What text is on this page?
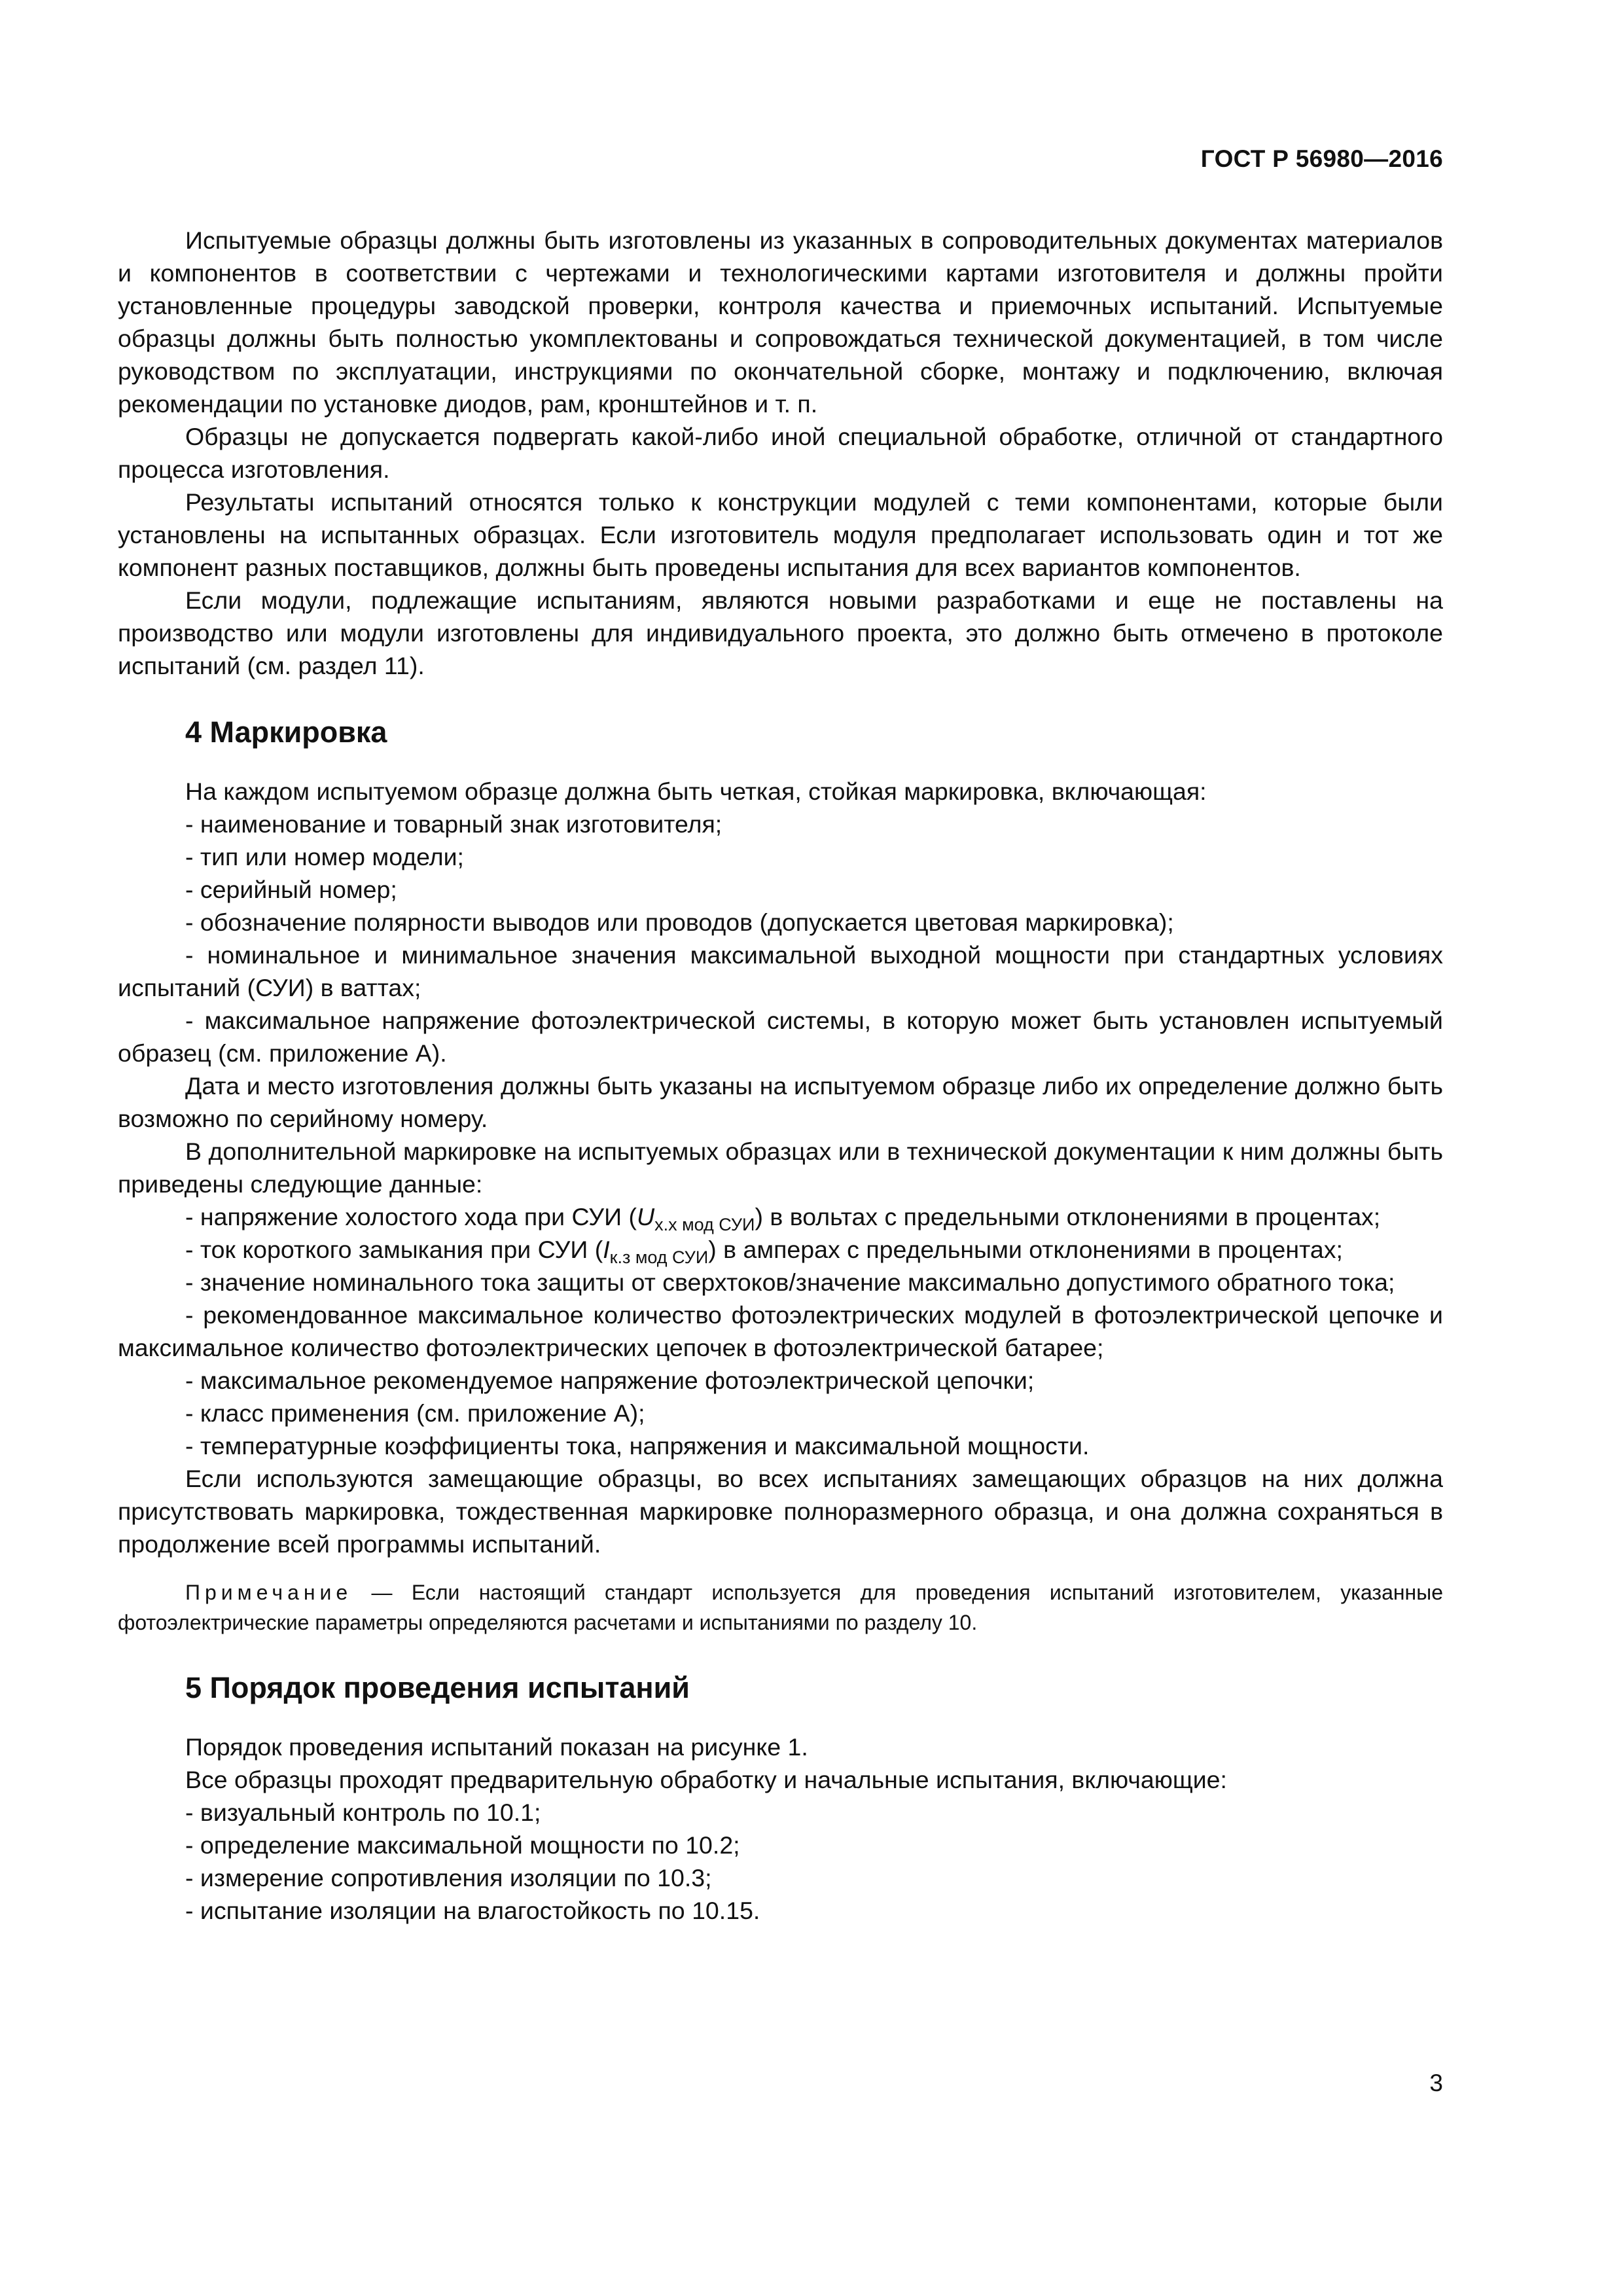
ГОСТ Р 56980—2016

Испытуемые образцы должны быть изготовлены из указанных в сопроводительных документах материалов и компонентов в соответствии с чертежами и технологическими картами изготовителя и должны пройти установленные процедуры заводской проверки, контроля качества и приемочных испытаний. Испытуемые образцы должны быть полностью укомплектованы и сопровождаться технической документацией, в том числе руководством по эксплуатации, инструкциями по окончательной сборке, монтажу и подключению, включая рекомендации по установке диодов, рам, кронштейнов и т. п.

Образцы не допускается подвергать какой-либо иной специальной обработке, отличной от стандартного процесса изготовления.

Результаты испытаний относятся только к конструкции модулей с теми компонентами, которые были установлены на испытанных образцах. Если изготовитель модуля предполагает использовать один и тот же компонент разных поставщиков, должны быть проведены испытания для всех вариантов компонентов.

Если модули, подлежащие испытаниям, являются новыми разработками и еще не поставлены на производство или модули изготовлены для индивидуального проекта, это должно быть отмечено в протоколе испытаний (см. раздел 11).

4 Маркировка

На каждом испытуемом образце должна быть четкая, стойкая маркировка, включающая:

- наименование и товарный знак изготовителя;

- тип или номер модели;

- серийный номер;

- обозначение полярности выводов или проводов (допускается цветовая маркировка);

- номинальное и минимальное значения максимальной выходной мощности при стандартных условиях испытаний (СУИ) в ваттах;

- максимальное напряжение фотоэлектрической системы, в которую может быть установлен испытуемый образец (см. приложение А).

Дата и место изготовления должны быть указаны на испытуемом образце либо их определение должно быть возможно по серийному номеру.

В дополнительной маркировке на испытуемых образцах или в технической документации к ним должны быть приведены следующие данные:

- напряжение холостого хода при СУИ $(U_{х.х мод СУИ})$ в вольтах с предельными отклонениями в процентах;

- ток короткого замыкания при СУИ $(I_{к.з мод СУИ})$ в амперах с предельными отклонениями в процентах;

- значение номинального тока защиты от сверхтоков/значение максимально допустимого обратного тока;

- рекомендованное максимальное количество фотоэлектрических модулей в фотоэлектрической цепочке и максимальное количество фотоэлектрических цепочек в фотоэлектрической батарее;

- максимальное рекомендуемое напряжение фотоэлектрической цепочки;

- класс применения (см. приложение А);

- температурные коэффициенты тока, напряжения и максимальной мощности.

Если используются замещающие образцы, во всех испытаниях замещающих образцов на них должна присутствовать маркировка, тождественная маркировке полноразмерного образца, и она должна сохраняться в продолжение всей программы испытаний.

Примечание — Если настоящий стандарт используется для проведения испытаний изготовителем, указанные фотоэлектрические параметры определяются расчетами и испытаниями по разделу 10.

5 Порядок проведения испытаний

Порядок проведения испытаний показан на рисунке 1.

Все образцы проходят предварительную обработку и начальные испытания, включающие:

- визуальный контроль по 10.1;

- определение максимальной мощности по 10.2;

- измерение сопротивления изоляции по 10.3;

- испытание изоляции на влагостойкость по 10.15.

3
